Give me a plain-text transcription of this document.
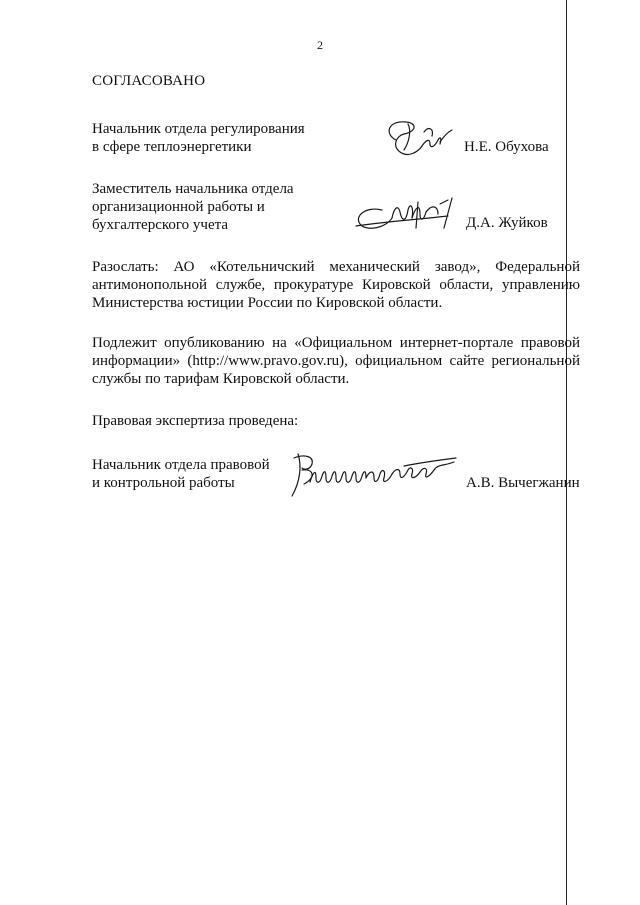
2
СОГЛАСОВАНО
Начальник отдела регулирования
в сфере теплоэнергетики	Н.Е. Обухова
Заместитель начальника отдела
организационной работы и
бухгалтерского учета	Д.А. Жуйков
Разослать: АО «Котельничский механический завод», Федеральной
антимонопольной службе, прокуратуре Кировской области, управлению
Министерства юстиции России по Кировской области.
Подлежит опубликованию на «Официальном интернет-портале правовой
информации» (http://www.pravo.gov.ru), официальном сайте региональной
службы по тарифам Кировской области.
Правовая экспертиза проведена:
Начальник отдела правовой
и контрольной работы	А.В. Вычегжанин
